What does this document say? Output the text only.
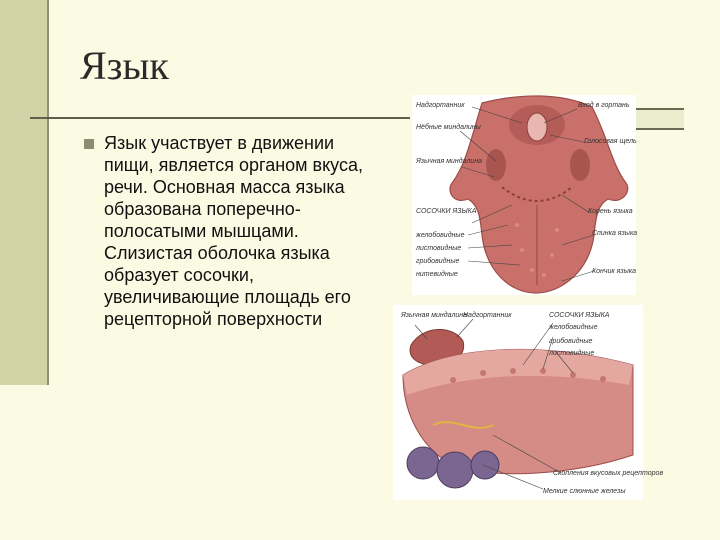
Язык

Язык участвует в движении пищи, является органом вкуса, речи. Основная масса языка образована поперечно- полосатыми мышцами. Слизистая оболочка языка образует сосочки, увеличивающие площадь его рецепторной поверхности

Надгортанник
Нёбные миндалины
Язычная миндалина
СОСОЧКИ ЯЗЫКА
желобовидные
листовидные
грибовидные
нитевидные
Вход в гортань
Голосовая щель
Корень языка
Спинка языка
Кончик языка
Язычная миндалина
Надгортанник	СОСОЧКИ ЯЗЫКА
желобовидные
грибовидные
листовидные
Скопления вкусовых рецепторов
Мелкие слюнные железы
